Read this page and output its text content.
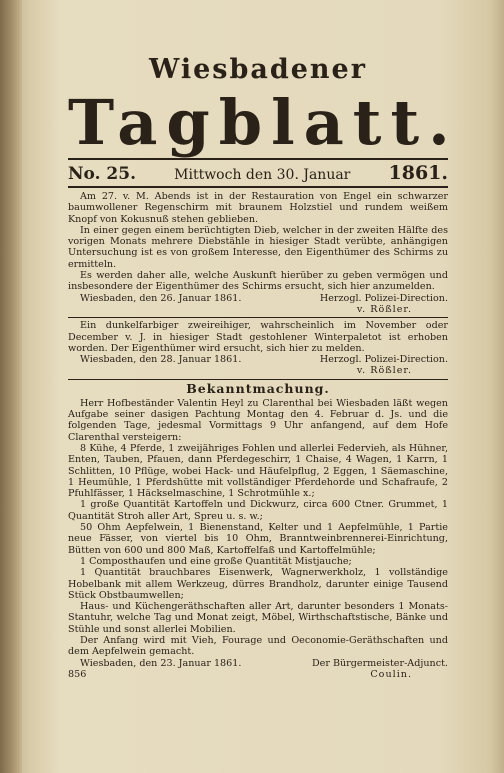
Wiesbadener
Tagblatt.
No. 25.	Mittwoch den 30. Januar 1861.

Am 27. v. M. Abends ist in der Restauration von Engel ein schwarzer baumwollener Regenschirm mit braunem Holzstiel und rundem weißem Knopf von Kokusnuß stehen geblieben.

In einer gegen einem berüchtigten Dieb, welcher in der zweiten Hälfte des vorigen Monats mehrere Diebstähle in hiesiger Stadt verübte, anhängigen Untersuchung ist es von großem Interesse, den Eigenthümer des Schirms zu ermitteln.

Es werden daher alle, welche Auskunft hierüber zu geben vermögen und insbesondere der Eigenthümer des Schirms ersucht, sich hier anzumelden.

Wiesbaden, den 26. Januar 1861.	Herzogl. Polizei-Direction.
v. Rößler.

Ein dunkelfarbiger zweireihiger, wahrscheinlich im November oder December v. J. in hiesiger Stadt gestohlener Winterpaletot ist erhoben worden. Der Eigenthümer wird ersucht, sich hier zu melden.

Wiesbaden, den 28. Januar 1861.	Herzogl. Polizei-Direction.
v. Rößler.
Bekanntmachung.

Herr Hofbeständer Valentin Heyl zu Clarenthal bei Wiesbaden läßt wegen Aufgabe seiner dasigen Pachtung Montag den 4. Februar d. Js. und die folgenden Tage, jedesmal Vormittags 9 Uhr anfangend, auf dem Hofe Clarenthal versteigern:

8 Kühe, 4 Pferde, 1 zweijähriges Fohlen und allerlei Federvieh, als Hühner, Enten, Tauben, Pfauen, dann Pferdegeschirr, 1 Chaise, 4 Wagen, 1 Karrn, 1 Schlitten, 10 Pflüge, wobei Hack- und Häufelpflug, 2 Eggen, 1 Säemaschine, 1 Heumühle, 1 Pferdshütte mit vollständiger Pferdehorde und Schafraufe, 2 Pfuhlfässer, 1 Häckselmaschine, 1 Schrotmühle x.;

1 große Quantität Kartoffeln und Dickwurz, circa 600 Ctner. Grummet, 1 Quantität Stroh aller Art, Spreu u. s. w.;

50 Ohm Aepfelwein, 1 Bienenstand, Kelter und 1 Aepfelmühle, 1 Partie neue Fässer, von viertel bis 10 Ohm, Branntweinbrennerei-Einrichtung, Bütten von 600 und 800 Maß, Kartoffelfaß und Kartoffelmühle;

1 Composthaufen und eine große Quantität Mistjauche;

1 Quantität brauchbares Eisenwerk, Wagnerwerkholz, 1 vollständige Hobelbank mit allem Werkzeug, dürres Brandholz, darunter einige Tausend Stück Obstbaumwellen;

Haus- und Küchengeräthschaften aller Art, darunter besonders 1 Monats-Stantuhr, welche Tag und Monat zeigt, Möbel, Wirthschaftstische, Bänke und Stühle und sonst allerlei Mobilien.

Der Anfang wird mit Vieh, Fourage und Oeconomie-Geräthschaften und dem Aepfelwein gemacht.

Wiesbaden, den 23. Januar 1861.	Der Bürgermeister-Adjunct.
856	Coulin.
